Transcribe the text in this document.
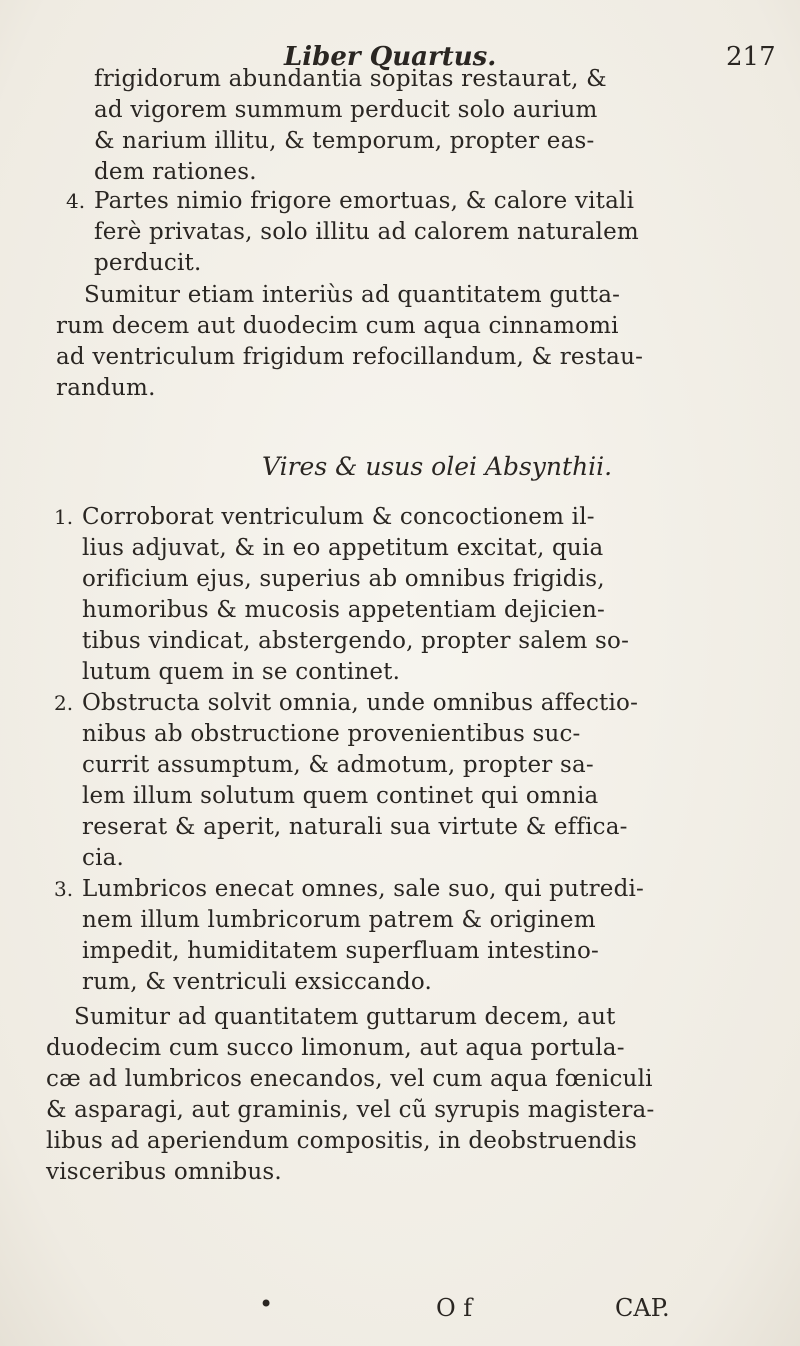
Liber Quartus.	217
frigidorum abundantia sopitas restaurat, &
ad vigorem summum perducit solo aurium
& narium illitu, & temporum, propter eas-
dem rationes.
4. Partes nimio frigore emortuas, & calore vitali
ferè privatas, solo illitu ad calorem naturalem
perducit.
Sumitur etiam interiùs ad quantitatem gutta-
rum decem aut duodecim cum aqua cinnamomi
ad ventriculum frigidum refocillandum, & restau-
randum.
Vires & usus olei Absynthii.
1. Corroborat ventriculum & concoctionem il-
lius adjuvat, & in eo appetitum excitat, quia
orificium ejus, superius ab omnibus frigidis,
humoribus & mucosis appetentiam dejicien-
tibus vindicat, abstergendo, propter salem so-
lutum quem in se continet.
2. Obstructa solvit omnia, unde omnibus affectio-
nibus ab obstructione provenientibus suc-
currit assumptum, & admotum, propter sa-
lem illum solutum quem continet qui omnia
reserat & aperit, naturali sua virtute & effica-
cia.
3. Lumbricos enecat omnes, sale suo, qui putredi-
nem illum lumbricorum patrem & originem
impedit, humiditatem superfluam intestino-
rum, & ventriculi exsiccando.
Sumitur ad quantitatem guttarum decem, aut
duodecim cum succo limonum, aut aqua portula-
cæ ad lumbricos enecandos, vel cum aqua fœniculi
& asparagi, aut graminis, vel cũ syrupis magistera-
libus ad aperiendum compositis, in deobstruendis
visceribus omnibus.
•	O f	CAP.
